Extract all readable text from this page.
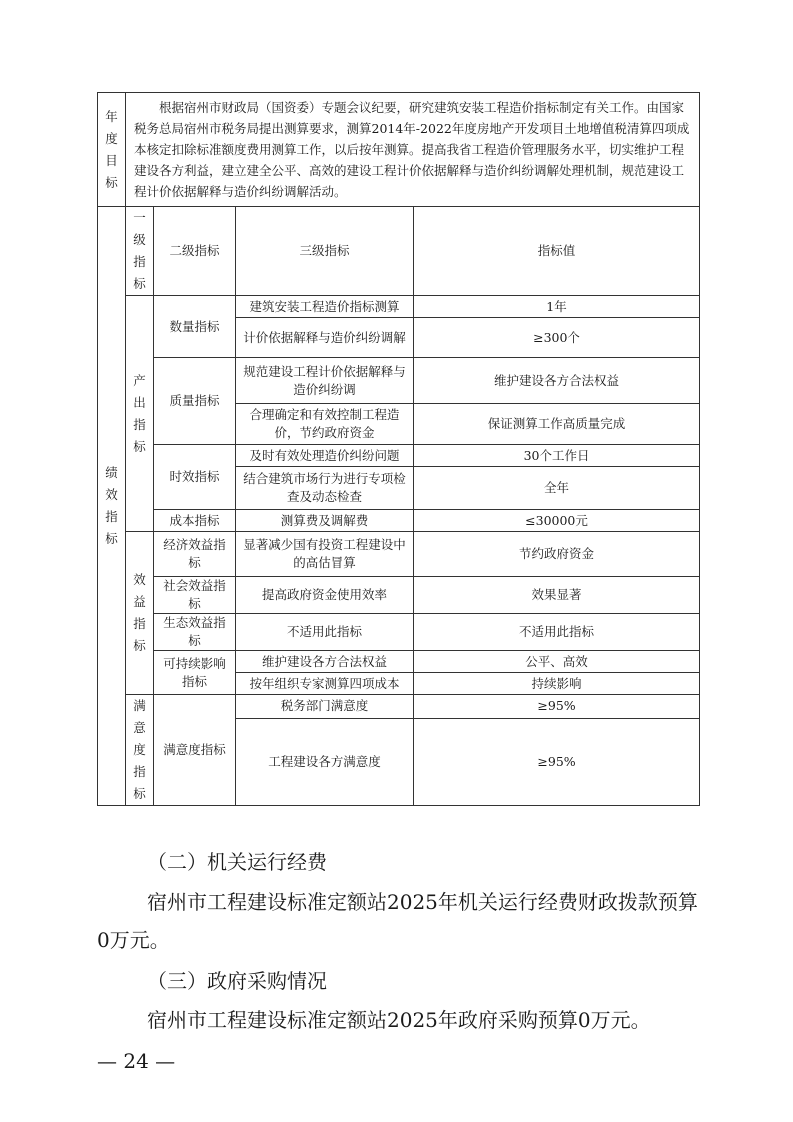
年度目标	根据宿州市财政局（国资委）专题会议纪要，研究建筑安装工程造价指标制定有关工作。由国家税务总局宿州市税务局提出测算要求，测算2014年-2022年度房地产开发项目土地增值税清算四项成本核定扣除标准额度费用测算工作，以后按年测算。提高我省工程造价管理服务水平，切实维护工程建设各方利益，建立建全公平、高效的建设工程计价依据解释与造价纠纷调解处理机制，规范建设工程计价依据解释与造价纠纷调解活动。			

绩效指标	一级指标	二级指标	三级指标	指标值

	产出指标	数量指标	建筑安装工程造价指标测算	1年
			计价依据解释与造价纠纷调解	≥300个
		质量指标	规范建设工程计价依据解释与造价纠纷调	维护建设各方合法权益
			合理确定和有效控制工程造价，节约政府资金	保证测算工作高质量完成
		时效指标	及时有效处理造价纠纷问题	30个工作日
			结合建筑市场行为进行专项检查及动态检查	全年
		成本指标	测算费及调解费	≤30000元

	效益指标	经济效益指标	显著减少国有投资工程建设中的高估冒算	节约政府资金
		社会效益指标	提高政府资金使用效率	效果显著
		生态效益指标	不适用此指标	不适用此指标
		可持续影响指标	维护建设各方合法权益	公平、高效
			按年组织专家测算四项成本	持续影响

	满意度指标	满意度指标	税务部门满意度	≥95%
			工程建设各方满意度	≥95%

（二）机关运行经费

宿州市工程建设标准定额站2025年机关运行经费财政拨款预算0万元。

（三）政府采购情况

宿州市工程建设标准定额站2025年政府采购预算0万元。

— 24 —
